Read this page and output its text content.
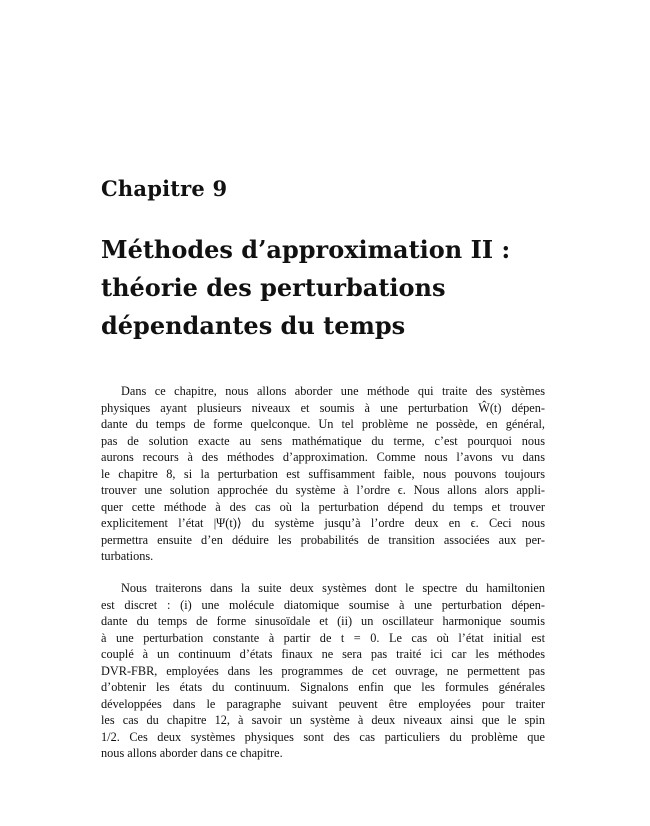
Chapitre 9
Méthodes d’approximation II :
théorie des perturbations
dépendantes du temps
Dans ce chapitre, nous allons aborder une méthode qui traite des systèmes
physiques ayant plusieurs niveaux et soumis à une perturbation Ŵ(t) dépen-
dante du temps de forme quelconque. Un tel problème ne possède, en général,
pas de solution exacte au sens mathématique du terme, c’est pourquoi nous
aurons recours à des méthodes d’approximation. Comme nous l’avons vu dans
le chapitre 8, si la perturbation est suffisamment faible, nous pouvons toujours
trouver une solution approchée du système à l’ordre ϵ. Nous allons alors appli-
quer cette méthode à des cas où la perturbation dépend du temps et trouver
explicitement l’état |Ψ(t)⟩ du système jusqu’à l’ordre deux en ϵ. Ceci nous
permettra ensuite d’en déduire les probabilités de transition associées aux per-
turbations.
Nous traiterons dans la suite deux systèmes dont le spectre du hamiltonien
est discret : (i) une molécule diatomique soumise à une perturbation dépen-
dante du temps de forme sinusoïdale et (ii) un oscillateur harmonique soumis
à une perturbation constante à partir de t = 0. Le cas où l’état initial est
couplé à un continuum d’états finaux ne sera pas traité ici car les méthodes
DVR-FBR, employées dans les programmes de cet ouvrage, ne permettent pas
d’obtenir les états du continuum. Signalons enfin que les formules générales
développées dans le paragraphe suivant peuvent être employées pour traiter
les cas du chapitre 12, à savoir un système à deux niveaux ainsi que le spin
1/2. Ces deux systèmes physiques sont des cas particuliers du problème que
nous allons aborder dans ce chapitre.
